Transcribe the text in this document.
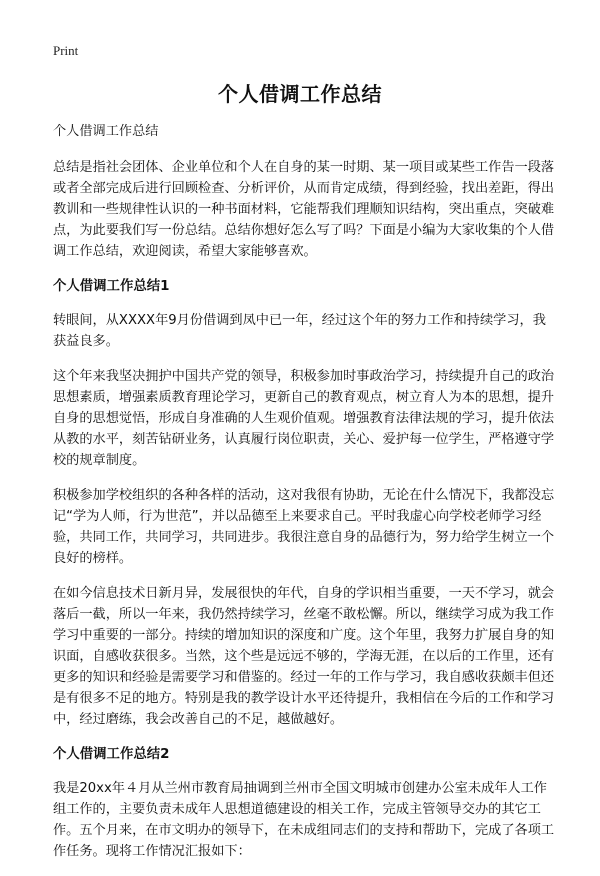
Print
个人借调工作总结

个人借调工作总结

总结是指社会团体、企业单位和个人在自身的某一时期、某一项目或某些工作告一段落或者全部完成后进行回顾检查、分析评价，从而肯定成绩，得到经验，找出差距，得出教训和一些规律性认识的一种书面材料，它能帮我们理顺知识结构，突出重点，突破难点，为此要我们写一份总结。总结你想好怎么写了吗？下面是小编为大家收集的个人借调工作总结，欢迎阅读，希望大家能够喜欢。

个人借调工作总结1

转眼间，从XXXX年9月份借调到凤中已一年，经过这个年的努力工作和持续学习，我获益良多。

这个年来我坚决拥护中国共产党的领导，积极参加时事政治学习，持续提升自己的政治思想素质，增强素质教育理论学习，更新自己的教育观点，树立育人为本的思想，提升自身的思想觉悟，形成自身准确的人生观价值观。增强教育法律法规的学习，提升依法从教的水平，刻苦钻研业务，认真履行岗位职责，关心、爱护每一位学生，严格遵守学校的规章制度。

积极参加学校组织的各种各样的活动，这对我很有协助，无论在什么情况下，我都没忘记“学为人师，行为世范”，并以品德至上来要求自己。平时我虚心向学校老师学习经验，共同工作，共同学习，共同进步。我很注意自身的品德行为，努力给学生树立一个良好的榜样。

在如今信息技术日新月异，发展很快的年代，自身的学识相当重要，一天不学习，就会落后一截，所以一年来，我仍然持续学习，丝毫不敢松懈。所以，继续学习成为我工作学习中重要的一部分。持续的增加知识的深度和广度。这个年里，我努力扩展自身的知识面，自感收获很多。当然，这个些是远远不够的，学海无涯，在以后的工作里，还有更多的知识和经验是需要学习和借鉴的。经过一年的工作与学习，我自感收获颇丰但还是有很多不足的地方。特别是我的教学设计水平还待提升，我相信在今后的工作和学习中，经过磨练，我会改善自己的不足，越做越好。

个人借调工作总结2

我是20xx年４月从兰州市教育局抽调到兰州市全国文明城市创建办公室未成年人工作组工作的，主要负责未成年人思想道德建设的相关工作，完成主管领导交办的其它工作。五个月来，在市文明办的领导下，在未成组同志们的支持和帮助下，完成了各项工作任务。现将工作情况汇报如下：
